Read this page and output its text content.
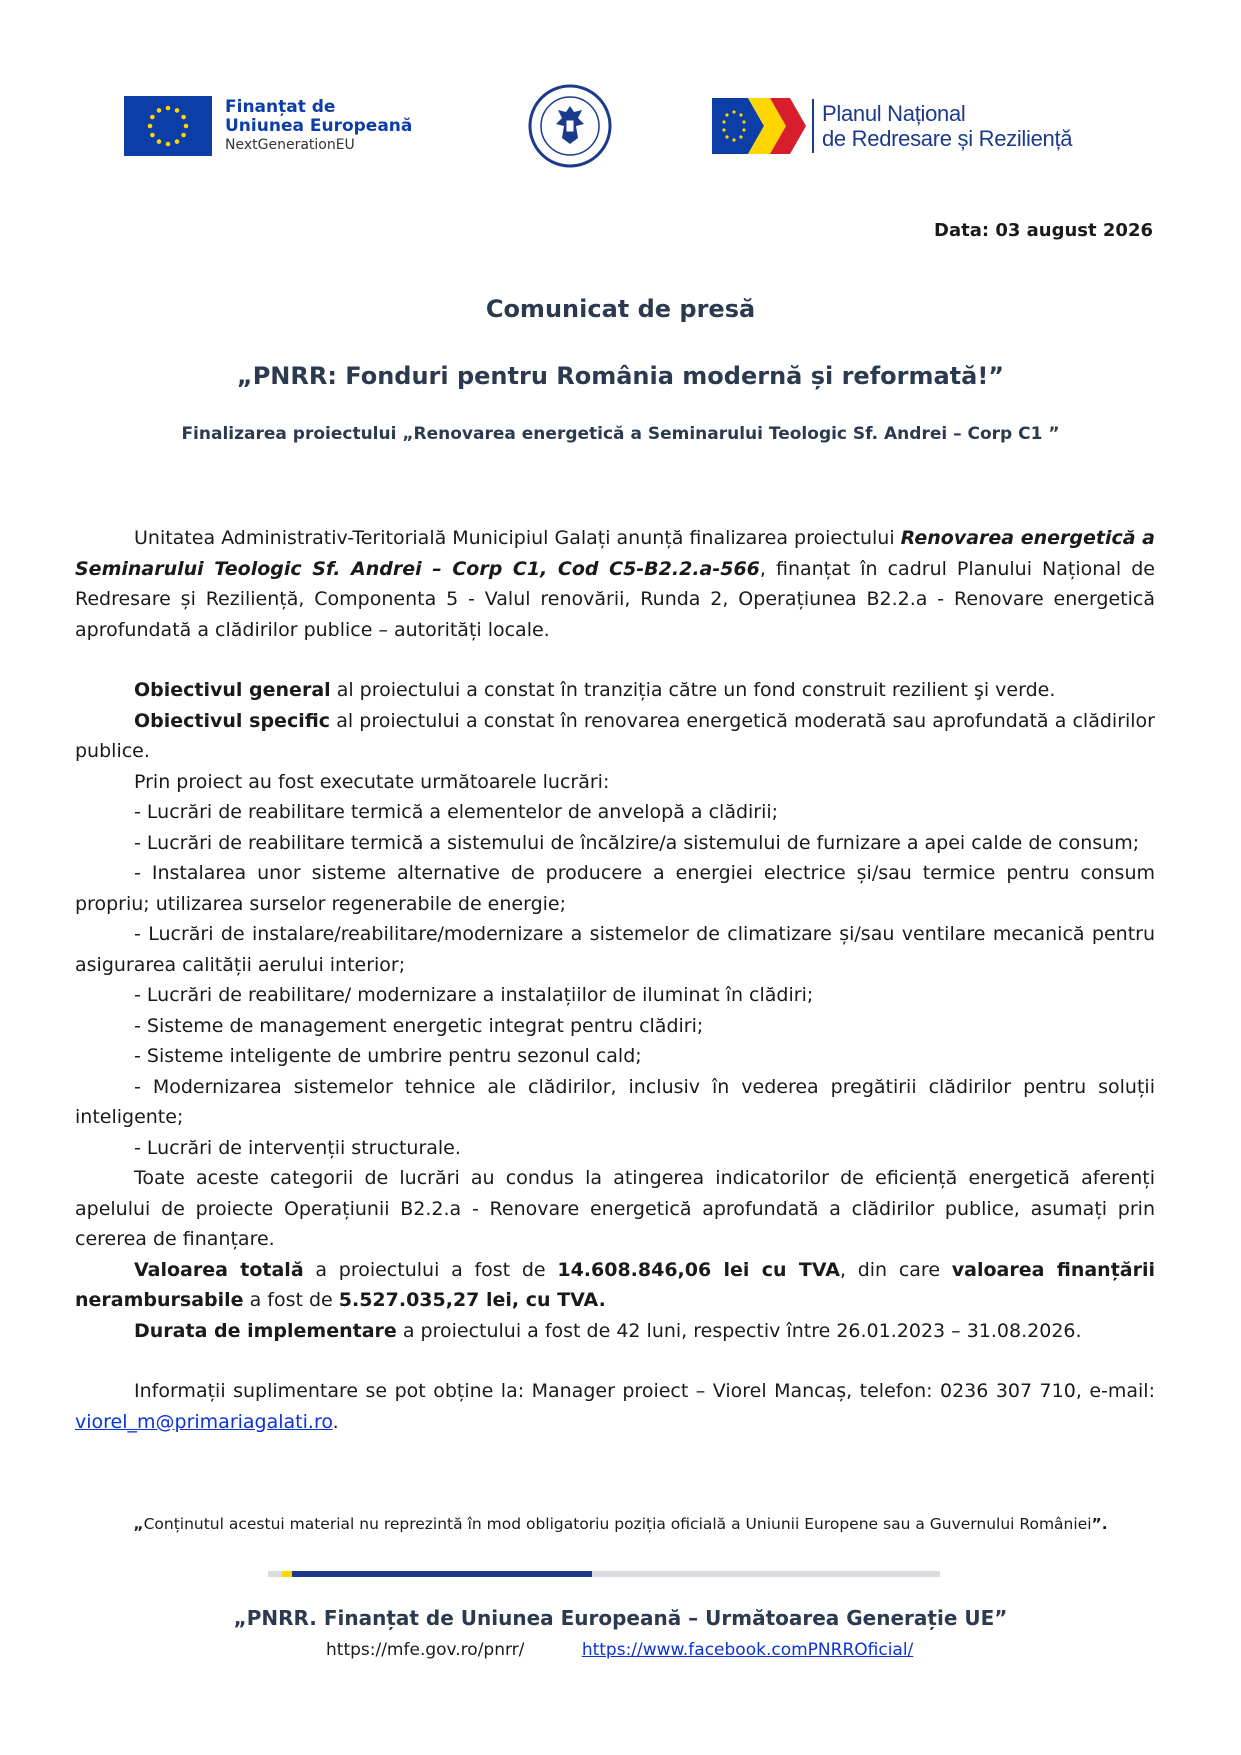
Finanțat de
Uniunea Europeană
NextGenerationEU
Planul Național
de Redresare și Reziliență
Data: 03 august 2026
Comunicat de presă
„PNRR: Fonduri pentru România modernă și reformată!”
Finalizarea proiectului „Renovarea energetică a Seminarului Teologic Sf. Andrei – Corp C1 ”

Unitatea Administrativ-Teritorială Municipiul Galați anunță finalizarea proiectului Renovarea energetică a Seminarului Teologic Sf. Andrei – Corp C1, Cod C5-B2.2.a-566, finanțat în cadrul Planului Național de Redresare și Reziliență, Componenta 5 - Valul renovării, Runda 2, Operațiunea B2.2.a - Renovare energetică aprofundată a clădirilor publice – autorități locale.

Obiectivul general al proiectului a constat în tranziția către un fond construit rezilient şi verde.

Obiectivul specific al proiectului a constat în renovarea energetică moderată sau aprofundată a clădirilor publice.

Prin proiect au fost executate următoarele lucrări:

- Lucrări de reabilitare termică a elementelor de anvelopă a clădirii;

- Lucrări de reabilitare termică a sistemului de încălzire/a sistemului de furnizare a apei calde de consum;

- Instalarea unor sisteme alternative de producere a energiei electrice și/sau termice pentru consum propriu; utilizarea surselor regenerabile de energie;

- Lucrări de instalare/reabilitare/modernizare a sistemelor de climatizare și/sau ventilare mecanică pentru asigurarea calității aerului interior;

- Lucrări de reabilitare/ modernizare a instalațiilor de iluminat în clădiri;

- Sisteme de management energetic integrat pentru clădiri;

- Sisteme inteligente de umbrire pentru sezonul cald;

- Modernizarea sistemelor tehnice ale clădirilor, inclusiv în vederea pregătirii clădirilor pentru soluții inteligente;

- Lucrări de intervenții structurale.

Toate aceste categorii de lucrări au condus la atingerea indicatorilor de eficiență energetică aferenți apelului de proiecte Operațiunii B2.2.a - Renovare energetică aprofundată a clădirilor publice, asumați prin cererea de finanțare.

Valoarea totală a proiectului a fost de 14.608.846,06 lei cu TVA, din care valoarea finanțării nerambursabile a fost de 5.527.035,27 lei, cu TVA.

Durata de implementare a proiectului a fost de 42 luni, respectiv între 26.01.2023 – 31.08.2026.

Informații suplimentare se pot obține la: Manager proiect – Viorel Mancaș, telefon: 0236 307 710, e-mail: viorel_m@primariagalati.ro.

„Conținutul acestui material nu reprezintă în mod obligatoriu poziția oficială a Uniunii Europene sau a Guvernului României”.
„PNRR. Finanțat de Uniunea Europeană – Următoarea Generație UE”
https://mfe.gov.ro/pnrr/	https://www.facebook.comPNRROficial/
